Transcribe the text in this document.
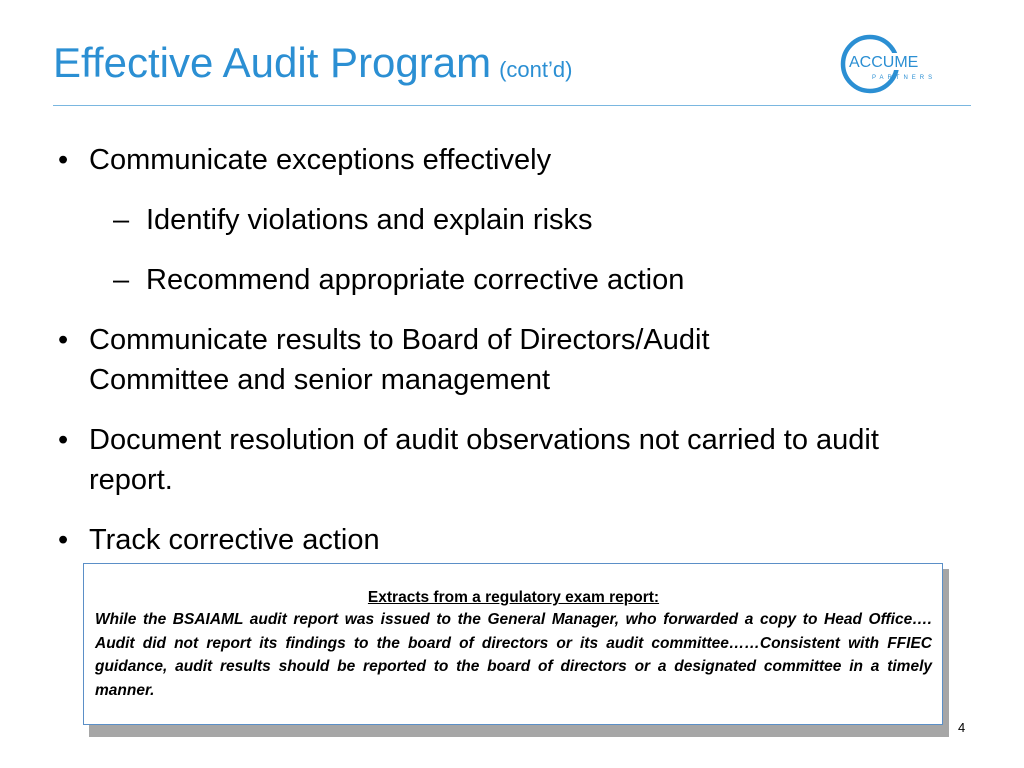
Effective Audit Program (cont’d)	ACCUME
PARTNERS
• Communicate exceptions effectively
– Identify violations and explain risks
– Recommend appropriate corrective action
• Communicate results to Board of Directors/Audit Committee and senior management
• Document resolution of audit observations not carried to audit report.
• Track corrective action
Extracts from a regulatory exam report:
While the BSAIAML audit report was issued to the General Manager, who forwarded a copy to Head Office…. Audit did not report its findings to the board of directors or its audit committee……Consistent with FFIEC guidance, audit results should be reported to the board of directors or a designated committee in a timely manner.
4
